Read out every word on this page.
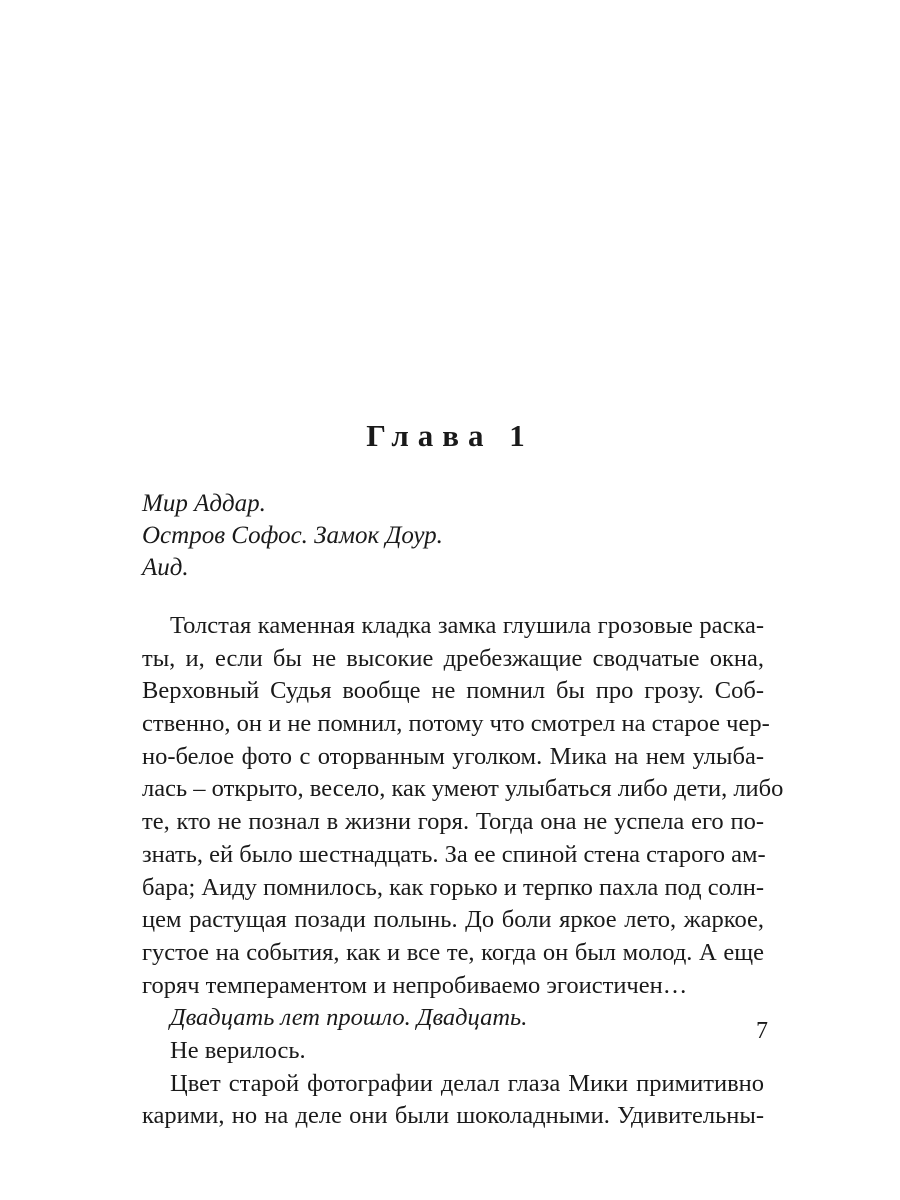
Глава 1
Мир Аддар.
Остров Софос. Замок Доур.
Аид.
Толстая каменная кладка замка глушила грозовые раска-
ты, и, если бы не высокие дребезжащие сводчатые окна,
Верховный Судья вообще не помнил бы про грозу. Соб-
ственно, он и не помнил, потому что смотрел на старое чер-
но-белое фото с оторванным уголком. Мика на нем улыба-
лась – открыто, весело, как умеют улыбаться либо дети, либо
те, кто не познал в жизни горя. Тогда она не успела его по-
знать, ей было шестнадцать. За ее спиной стена старого ам-
бара; Аиду помнилось, как горько и терпко пахла под солн-
цем растущая позади полынь. До боли яркое лето, жаркое,
густое на события, как и все те, когда он был молод. А еще
горяч темпераментом и непробиваемо эгоистичен…
Двадцать лет прошло. Двадцать.
Не верилось.
Цвет старой фотографии делал глаза Мики примитивно
карими, но на деле они были шоколадными. Удивительны-
7
